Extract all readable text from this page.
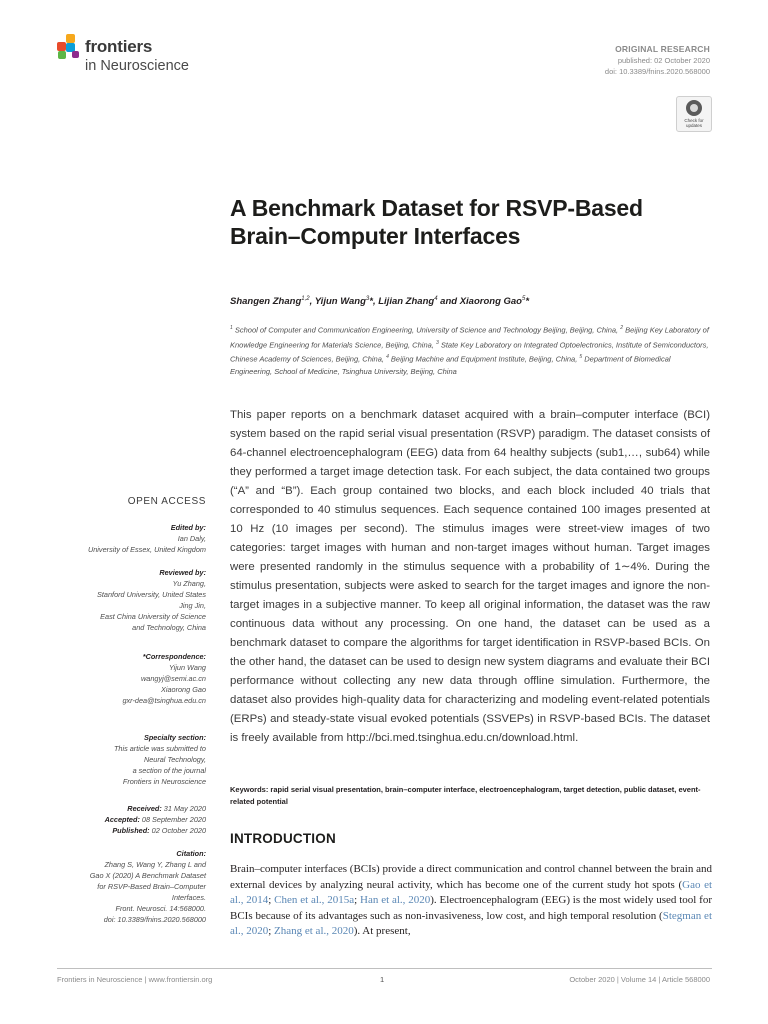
frontiers
in Neuroscience
ORIGINAL RESEARCH
published: 02 October 2020
doi: 10.3389/fnins.2020.568000
Check for updates
A Benchmark Dataset for RSVP-Based Brain–Computer Interfaces
Shangen Zhang$^{1,2}$, Yijun Wang$^3$*, Lijian Zhang$^4$ and Xiaorong Gao$^5$*
$^1$ School of Computer and Communication Engineering, University of Science and Technology Beijing, Beijing, China, $^2$ Beijing Key Laboratory of Knowledge Engineering for Materials Science, Beijing, China, $^3$ State Key Laboratory on Integrated Optoelectronics, Institute of Semiconductors, Chinese Academy of Sciences, Beijing, China, $^4$ Beijing Machine and Equipment Institute, Beijing, China, $^5$ Department of Biomedical Engineering, School of Medicine, Tsinghua University, Beijing, China
This paper reports on a benchmark dataset acquired with a brain–computer interface (BCI) system based on the rapid serial visual presentation (RSVP) paradigm. The dataset consists of 64-channel electroencephalogram (EEG) data from 64 healthy subjects (sub1,…, sub64) while they performed a target image detection task. For each subject, the data contained two groups (“A” and “B”). Each group contained two blocks, and each block included 40 trials that corresponded to 40 stimulus sequences. Each sequence contained 100 images presented at 10 Hz (10 images per second). The stimulus images were street-view images of two categories: target images with human and non-target images without human. Target images were presented randomly in the stimulus sequence with a probability of 1∼4%. During the stimulus presentation, subjects were asked to search for the target images and ignore the non-target images in a subjective manner. To keep all original information, the dataset was the raw continuous data without any processing. On one hand, the dataset can be used as a benchmark dataset to compare the algorithms for target identification in RSVP-based BCIs. On the other hand, the dataset can be used to design new system diagrams and evaluate their BCI performance without collecting any new data through offline simulation. Furthermore, the dataset also provides high-quality data for characterizing and modeling event-related potentials (ERPs) and steady-state visual evoked potentials (SSVEPs) in RSVP-based BCIs. The dataset is freely available from http://bci.med.tsinghua.edu.cn/download.html.
Keywords: rapid serial visual presentation, brain–computer interface, electroencephalogram, target detection, public dataset, event-related potential
OPEN ACCESS
Edited by:
Ian Daly,
University of Essex, United Kingdom
Reviewed by:
Yu Zhang,
Stanford University, United States
Jing Jin,
East China University of Science
and Technology, China
*Correspondence:
Yijun Wang
wangyj@semi.ac.cn
Xiaorong Gao
gxr-dea@tsinghua.edu.cn
Specialty section:
This article was submitted to
Neural Technology,
a section of the journal
Frontiers in Neuroscience
Received: 31 May 2020
Accepted: 08 September 2020
Published: 02 October 2020
Citation:
Zhang S, Wang Y, Zhang L and
Gao X (2020) A Benchmark Dataset
for RSVP-Based Brain–Computer
Interfaces.
Front. Neurosci. 14:568000.
doi: 10.3389/fnins.2020.568000
INTRODUCTION
Brain–computer interfaces (BCIs) provide a direct communication and control channel between the brain and external devices by analyzing neural activity, which has become one of the current study hot spots (Gao et al., 2014; Chen et al., 2015a; Han et al., 2020). Electroencephalogram (EEG) is the most widely used tool for BCIs because of its advantages such as non-invasiveness, low cost, and high temporal resolution (Stegman et al., 2020; Zhang et al., 2020). At present,
Frontiers in Neuroscience | www.frontiersin.org	1	October 2020 | Volume 14 | Article 568000
